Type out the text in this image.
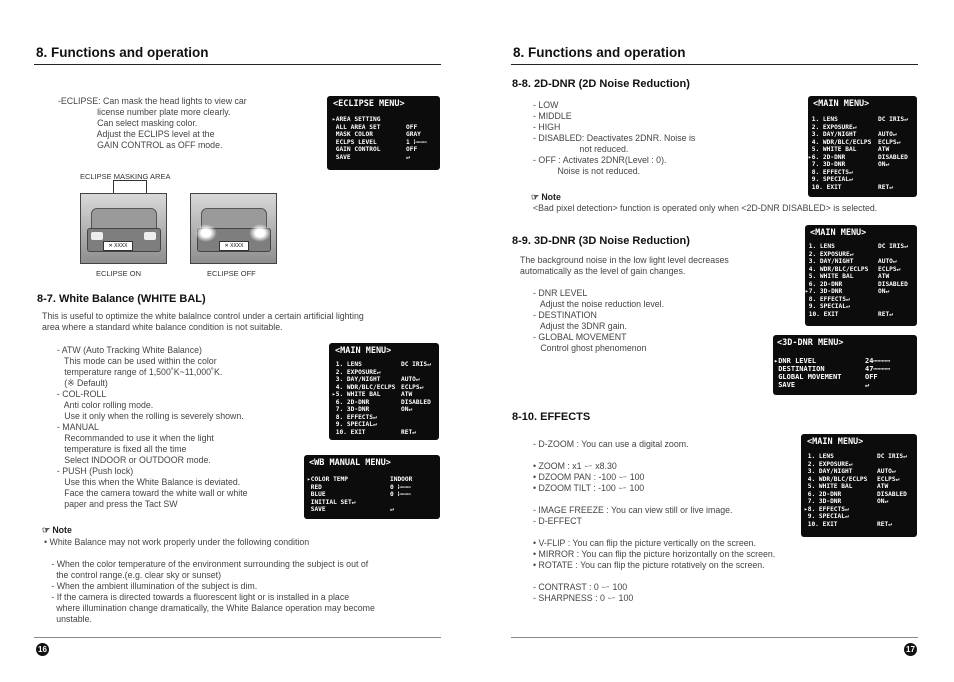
8. Functions and operation
-ECLIPSE: Can mask the head lights to view car
license number plate more clearly.
Can select masking color.
Adjust the ECLIPS level at the
GAIN CONTROL as OFF mode.
<ECLIPSE MENU>
▸AREA SETTING
ALL AREA SET
MASK COLOR
ECLPS LEVEL
GAIN CONTROL
SAVE

OFF
GRAY
1 ⁞⋯⋯⋯
OFF
↵
ECLIPSE MASKING AREA
✕ XXXX	✕ XXXX
ECLIPSE ON	ECLIPSE OFF
8-7. White Balance (WHITE BAL)
This is useful to optimize the white balalnce control under a certain artificial lighting
area where a standard white balance condition is not suitable.
- ATW (Auto Tracking White Balance)
This mode can be used within the color
temperature range of 1,500˚K~11,000˚K.
(※ Default)
- COL-ROLL
Anti color rolling mode.
Use it only when the rolling is severely shown.
- MANUAL
Recommanded to use it when the light
temperature is fixed all the time
Select INDOOR or OUTDOOR mode.
- PUSH (Push lock)
Use this when the White Balance is deviated.
Face the camera toward the white wall or white
paper and press the Tact SW
<MAIN MENU>
1. LENS
2. EXPOSURE↵
3. DAY/NIGHT
4. WDR/BLC/ECLPS
▸5. WHITE BAL
6. 2D-DNR
7. 3D-DNR
8. EFFECTS↵
9. SPECIAL↵
10. EXIT
DC IRIS↵

AUTO↵
ECLPS↵
ATW
DISABLED
ON↵

RET↵
<WB MANUAL MENU>
▸COLOR TEMP
RED
BLUE
INITIAL SET↵
SAVE
INDOOR
0 ⁞⋯⋯⋯
0 ⁞⋯⋯⋯

↵
☞ Note
• White Balance may not work properly under the following condition

- When the color temperature of the environment surrounding the subject is out of
the control range.(e.g. clear sky or sunset)
- When the ambient illumination of the subject is dim.
- If the camera is directed towards a fluorescent light or is installed in a place
where illumination change dramatically, the White Balance operation may become
unstable.
16
8. Functions and operation
8-8. 2D-DNR (2D Noise Reduction)
- LOW
- MIDDLE
- HIGH
- DISABLED: Deactivates 2DNR. Noise is
not reduced.
- OFF : Activates 2DNR(Level : 0).
Noise is not reduced.
<MAIN MENU>
1. LENS
2. EXPOSURE↵
3. DAY/NIGHT
4. WDR/BLC/ECLPS
5. WHITE BAL
▸6. 2D-DNR
7. 3D-DNR
8. EFFECTS↵
9. SPECIAL↵
10. EXIT
DC IRIS↵

AUTO↵
ECLPS↵
ATW
DISABLED
ON↵

RET↵
☞ Note
<Bad pixel detection> function is operated only when <2D-DNR DISABLED> is selected.
8-9. 3D-DNR (3D Noise Reduction)
The background noise in the low light level decreases
automatically as the level of gain changes.
- DNR LEVEL
Adjust the noise reduction level.
- DESTINATION
Adjust the 3DNR gain.
- GLOBAL MOVEMENT
Control ghost phenomenon
<MAIN MENU>
1. LENS
2. EXPOSURE↵
3. DAY/NIGHT
4. WDR/BLC/ECLPS
5. WHITE BAL
6. 2D-DNR
▸7. 3D-DNR
8. EFFECTS↵
9. SPECIAL↵
10. EXIT
DC IRIS↵

AUTO↵
ECLPS↵
ATW
DISABLED
ON↵

RET↵
<3D-DNR MENU>
▸DNR LEVEL
DESTINATION
GLOBAL MOVEMENT
SAVE
24⋯⋯⋯⋯
47⋯⋯⋯⋯
OFF
↵
8-10. EFFECTS
- D-ZOOM : You can use a digital zoom.

• ZOOM : x1 ー x8.30
• DZOOM PAN : -100 ー 100
• DZOOM TILT : -100 ー 100

- IMAGE FREEZE : You can view still or live image.
- D-EFFECT

• V-FLIP : You can flip the picture vertically on the screen.
• MIRROR : You can flip the picture horizontally on the screen.
• ROTATE : You can flip the picture rotatively on the screen.

- CONTRAST : 0 ー 100
- SHARPNESS : 0 ー 100
<MAIN MENU>
1. LENS
2. EXPOSURE↵
3. DAY/NIGHT
4. WDR/BLC/ECLPS
5. WHITE BAL
6. 2D-DNR
7. 3D-DNR
▸8. EFFECTS↵
9. SPECIAL↵
10. EXIT
DC IRIS↵

AUTO↵
ECLPS↵
ATW
DISABLED
ON↵

RET↵
17
